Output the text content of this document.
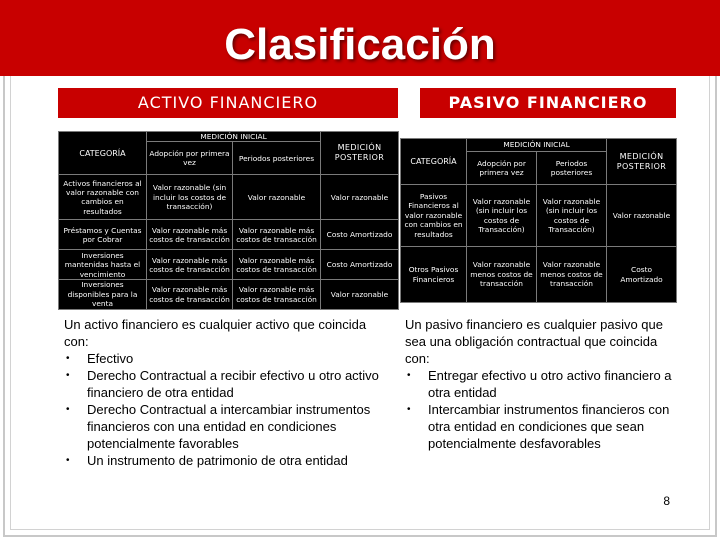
Clasificación
ACTIVO FINANCIERO	PASIVO FINANCIERO
CATEGORÍA	MEDICIÓN INICIAL		MEDICIÓN POSTERIOR
	Adopción por primera vez	Periodos posteriores	
Activos financieros al valor razonable con cambios en resultados	Valor razonable (sin incluir los costos de transacción)	Valor razonable	Valor razonable
Préstamos y Cuentas por Cobrar	Valor razonable más costos de transacción	Valor razonable más costos de transacción	Costo Amortizado
Inversiones mantenidas hasta el vencimiento	Valor razonable más costos de transacción	Valor razonable más costos de transacción	Costo Amortizado
Inversiones disponibles para la venta	Valor razonable más costos de transacción	Valor razonable más costos de transacción	Valor razonable
CATEGORÍA	MEDICIÓN INICIAL		MEDICIÓN POSTERIOR
	Adopción por primera vez	Periodos posteriores	
Pasivos Financieros al valor razonable con cambios en resultados	Valor razonable (sin incluir los costos de Transacción)	Valor razonable (sin incluir los costos de Transacción)	Valor razonable
Otros Pasivos Financieros	Valor razonable menos costos de transacción	Valor razonable menos costos de transacción	Costo Amortizado
Un activo financiero es cualquier activo que coincida con:
• Efectivo
• Derecho Contractual a recibir efectivo u otro activo financiero de otra entidad
• Derecho Contractual a intercambiar instrumentos financieros con una entidad en condiciones potencialmente favorables
• Un instrumento de patrimonio de otra entidad
Un pasivo financiero es cualquier pasivo que sea una obligación contractual que coincida con:
• Entregar efectivo u otro activo financiero a otra entidad
• Intercambiar instrumentos financieros con otra entidad en condiciones que sean potencialmente desfavorables
8
